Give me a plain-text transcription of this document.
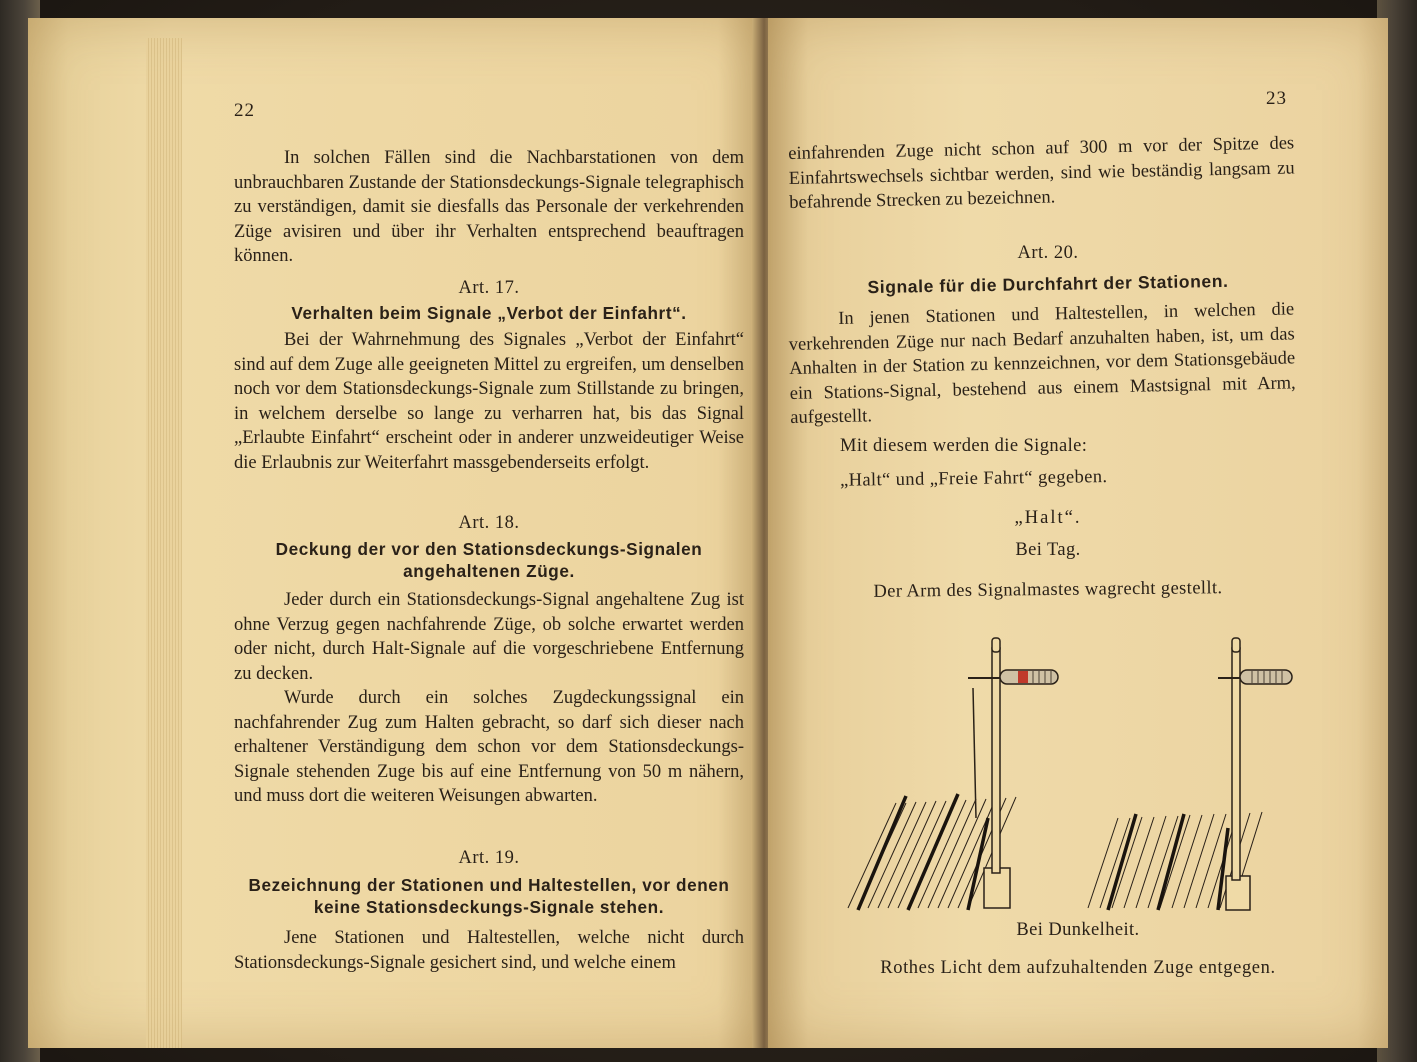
22

In solchen Fällen sind die Nachbarstationen von dem unbrauchbaren Zustande der Stationsdeckungs-Signale telegraphisch zu verständigen, damit sie diesfalls das Personale der verkehrenden Züge avisiren und über ihr Verhalten entsprechend beauftragen können.

Art. 17.
Verhalten beim Signale „Verbot der Einfahrt“.

Bei der Wahrnehmung des Signales „Verbot der Einfahrt“ sind auf dem Zuge alle geeigneten Mittel zu ergreifen, um denselben noch vor dem Stationsdeckungs-Signale zum Stillstande zu bringen, in welchem derselbe so lange zu verharren hat, bis das Signal „Erlaubte Einfahrt“ erscheint oder in anderer unzweideutiger Weise die Erlaubnis zur Weiterfahrt massgebenderseits erfolgt.

Art. 18.
Deckung der vor den Stationsdeckungs-Signalen
angehaltenen Züge.

Jeder durch ein Stationsdeckungs-Signal angehaltene Zug ist ohne Verzug gegen nachfahrende Züge, ob solche erwartet werden oder nicht, durch Halt-Signale auf die vorgeschriebene Entfernung zu decken.

Wurde durch ein solches Zugdeckungssignal ein nachfahrender Zug zum Halten gebracht, so darf sich dieser nach erhaltener Verständigung dem schon vor dem Stationsdeckungs-Signale stehenden Zuge bis auf eine Entfernung von 50 m nähern, und muss dort die weiteren Weisungen abwarten.

Art. 19.
Bezeichnung der Stationen und Haltestellen, vor denen
keine Stationsdeckungs-Signale stehen.

Jene Stationen und Haltestellen, welche nicht durch Stationsdeckungs-Signale gesichert sind, und welche einem

23

einfahrenden Zuge nicht schon auf 300 m vor der Spitze des Einfahrtswechsels sichtbar werden, sind wie beständig langsam zu befahrende Strecken zu bezeichnen.

Art. 20.
Signale für die Durchfahrt der Stationen.

In jenen Stationen und Haltestellen, in welchen die verkehrenden Züge nur nach Bedarf anzuhalten haben, ist, um das Anhalten in der Station zu kennzeichnen, vor dem Stationsgebäude ein Stations-Signal, bestehend aus einem Mastsignal mit Arm, aufgestellt.

Mit diesem werden die Signale:
„Halt“ und „Freie Fahrt“ gegeben.
„Halt“.
Bei Tag.
Der Arm des Signalmastes wagrecht gestellt.
Bei Dunkelheit.
Rothes Licht dem aufzuhaltenden Zuge entgegen.
